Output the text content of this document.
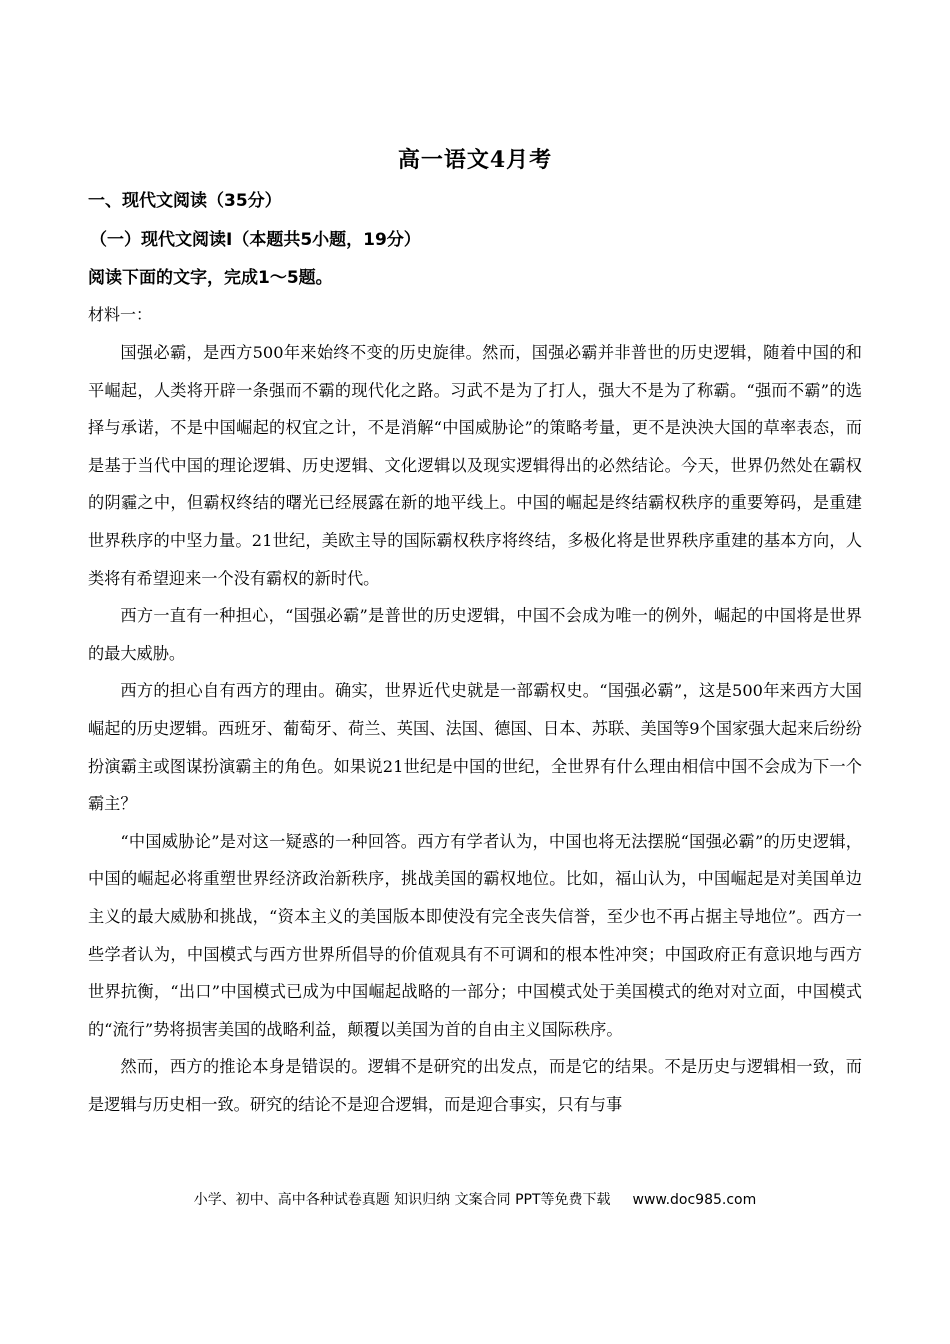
高一语文4月考
一、现代文阅读（35分）
（一）现代文阅读Ⅰ（本题共5小题，19分）
阅读下面的文字，完成1～5题。
材料一：

国强必霸，是西方500年来始终不变的历史旋律。然而，国强必霸并非普世的历史逻辑，随着中国的和平崛起，人类将开辟一条强而不霸的现代化之路。习武不是为了打人，强大不是为了称霸。“强而不霸”的选择与承诺，不是中国崛起的权宜之计，不是消解“中国威胁论”的策略考量，更不是泱泱大国的草率表态，而是基于当代中国的理论逻辑、历史逻辑、文化逻辑以及现实逻辑得出的必然结论。今天，世界仍然处在霸权的阴霾之中，但霸权终结的曙光已经展露在新的地平线上。中国的崛起是终结霸权秩序的重要筹码，是重建世界秩序的中坚力量。21世纪，美欧主导的国际霸权秩序将终结，多极化将是世界秩序重建的基本方向，人类将有希望迎来一个没有霸权的新时代。

西方一直有一种担心，“国强必霸”是普世的历史逻辑，中国不会成为唯一的例外，崛起的中国将是世界的最大威胁。

西方的担心自有西方的理由。确实，世界近代史就是一部霸权史。“国强必霸”，这是500年来西方大国崛起的历史逻辑。西班牙、葡萄牙、荷兰、英国、法国、德国、日本、苏联、美国等9个国家强大起来后纷纷扮演霸主或图谋扮演霸主的角色。如果说21世纪是中国的世纪，全世界有什么理由相信中国不会成为下一个霸主？

“中国威胁论”是对这一疑惑的一种回答。西方有学者认为，中国也将无法摆脱“国强必霸”的历史逻辑，中国的崛起必将重塑世界经济政治新秩序，挑战美国的霸权地位。比如，福山认为，中国崛起是对美国单边主义的最大威胁和挑战，“资本主义的美国版本即使没有完全丧失信誉，至少也不再占据主导地位”。西方一些学者认为，中国模式与西方世界所倡导的价值观具有不可调和的根本性冲突；中国政府正有意识地与西方世界抗衡，“出口”中国模式已成为中国崛起战略的一部分；中国模式处于美国模式的绝对对立面，中国模式的“流行”势将损害美国的战略利益，颠覆以美国为首的自由主义国际秩序。

然而，西方的推论本身是错误的。逻辑不是研究的出发点，而是它的结果。不是历史与逻辑相一致，而是逻辑与历史相一致。研究的结论不是迎合逻辑，而是迎合事实，只有与事

小学、初中、高中各种试卷真题 知识归纳 文案合同 PPT等免费下载 www.doc985.com
